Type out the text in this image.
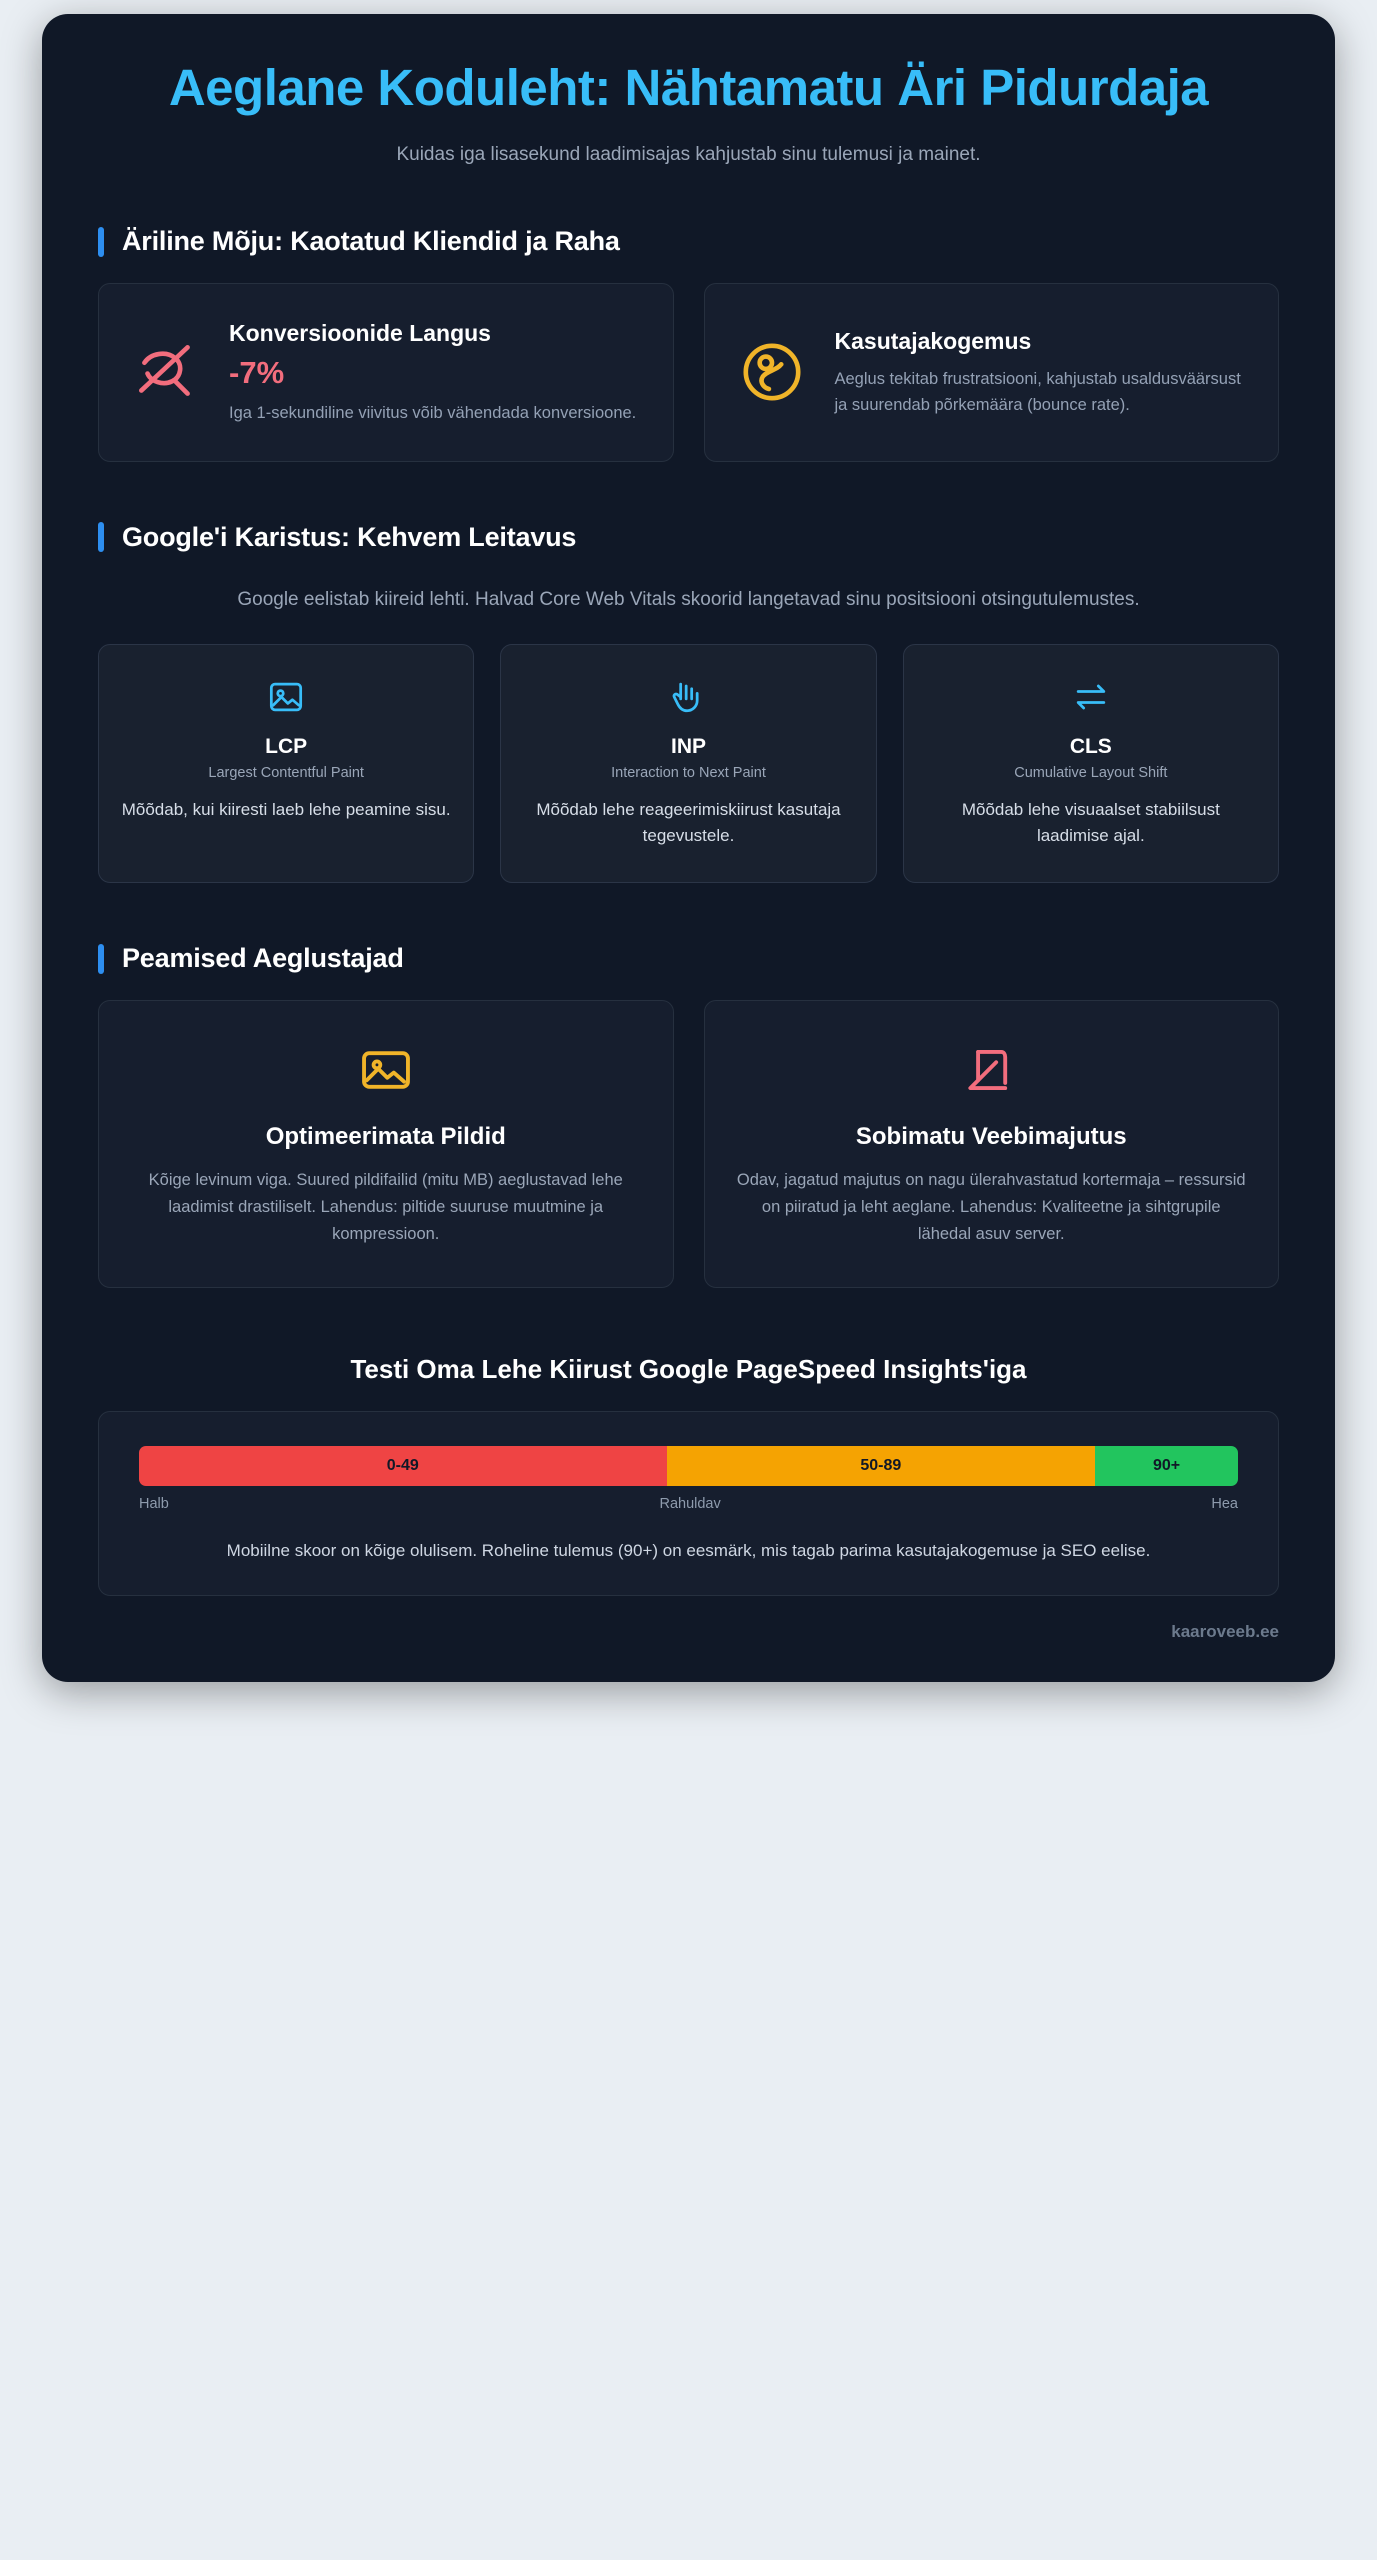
Aeglane Koduleht: Nähtamatu Äri Pidurdaja

Kuidas iga lisasekund laadimisajas kahjustab sinu tulemusi ja mainet.

Äriline Mõju: Kaotatud Kliendid ja Raha
Konversioonide Langus
-7%

Iga 1-sekundiline viivitus võib vähendada konversioone.

Kasutajakogemus

Aeglus tekitab frustratsiooni, kahjustab usaldusväärsust ja suurendab põrkemäära (bounce rate).

Google'i Karistus: Kehvem Leitavus

Google eelistab kiireid lehti. Halvad Core Web Vitals skoorid langetavad sinu positsiooni otsingutulemustes.

LCP
Largest Contentful Paint

Mõõdab, kui kiiresti laeb lehe peamine sisu.

INP
Interaction to Next Paint

Mõõdab lehe reageerimiskiirust kasutaja tegevustele.

CLS
Cumulative Layout Shift

Mõõdab lehe visuaalset stabiilsust laadimise ajal.

Peamised Aeglustajad
Optimeerimata Pildid

Kõige levinum viga. Suured pildifailid (mitu MB) aeglustavad lehe laadimist drastiliselt. Lahendus: piltide suuruse muutmine ja kompressioon.

Sobimatu Veebimajutus

Odav, jagatud majutus on nagu ülerahvastatud kortermaja – ressursid on piiratud ja leht aeglane. Lahendus: Kvaliteetne ja sihtgrupile lähedal asuv server.

Testi Oma Lehe Kiirust Google PageSpeed Insights'iga
0-49	50-89	90+
Halb	Rahuldav	Hea

Mobiilne skoor on kõige olulisem. Roheline tulemus (90+) on eesmärk, mis tagab parima kasutajakogemuse ja SEO eelise.

kaaroveeb.ee
